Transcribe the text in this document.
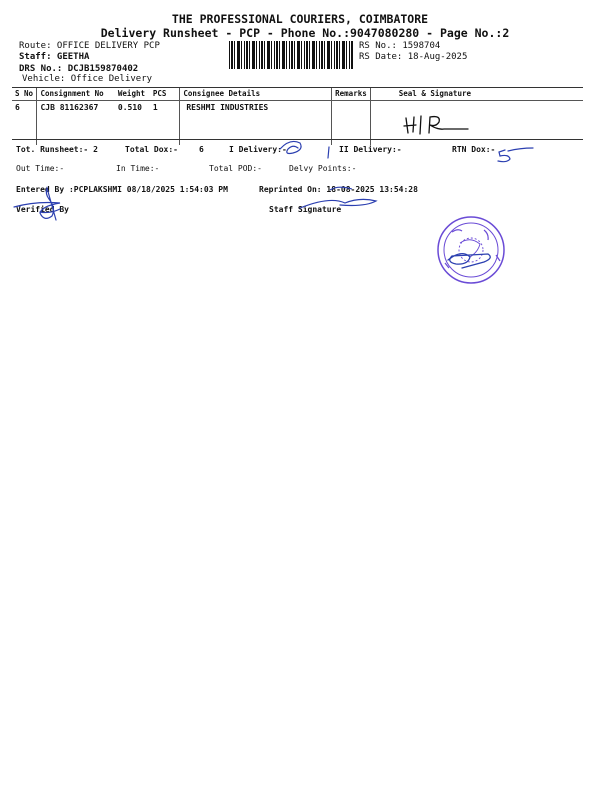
THE PROFESSIONAL COURIERS, COIMBATORE
Delivery Runsheet - PCP - Phone No.:9047080280 - Page No.:2
Route: OFFICE DELIVERY PCP
Staff: GEETHA
DRS No.: DCJB159870402
Vehicle: Office Delivery
RS No.: 1598704
RS Date: 18-Aug-2025
S No	Consignment No	Weight	PCS	Consignee Details	Remarks	Seal & Signature
6	CJB 81162367	0.510	1	RESHMI INDUSTRIES		
Tot. Runsheet:- 2	Total Dox:-	6	I Delivery:-	II Delivery:-	RTN Dox:-
Out Time:-	In Time:-	Total POD:-	Delvy Points:-
Entered By :PCPLAKSHMI 08/18/2025 1:54:03 PM	Reprinted On: 18-08-2025 13:54:28
Verified By	Staff Signature
